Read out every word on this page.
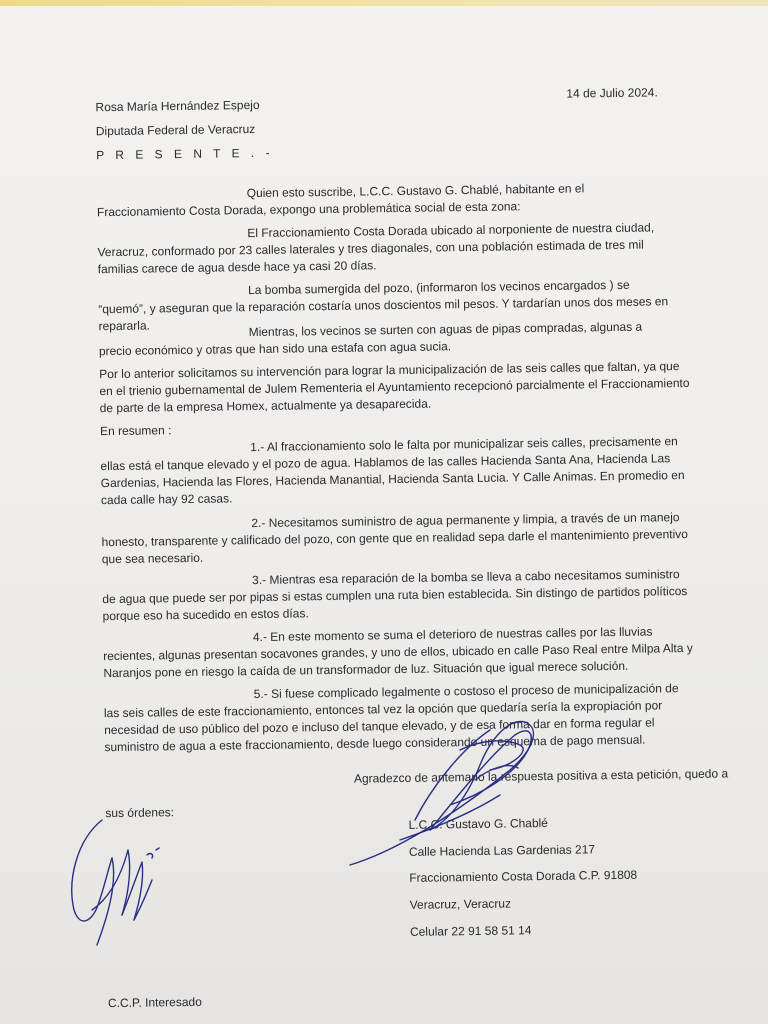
14 de Julio 2024.
Rosa María Hernández Espejo
Diputada Federal de Veracruz
P R E S E N T E . -
Quien esto suscribe, L.C.C. Gustavo G. Chablé, habitante en el Fraccionamiento Costa Dorada, expongo una problemática social de esta zona:
El Fraccionamiento Costa Dorada ubicado al norponiente de nuestra ciudad, Veracruz, conformado por 23 calles laterales y tres diagonales, con una población estimada de tres mil familias carece de agua desde hace ya casi 20 días.
La bomba sumergida del pozo, (informaron los vecinos encargados ) se “quemó”, y aseguran que la reparación costaría unos doscientos mil pesos. Y tardarían unos dos meses en repararla.	Mientras, los vecinos se surten con aguas de pipas compradas, algunas a precio económico y otras que han sido una estafa con agua sucia.
Por lo anterior solicitamos su intervención para lograr la municipalización de las seis calles que faltan, ya que en el trienio gubernamental de Julem Rementeria el Ayuntamiento recepcionó parcialmente el Fraccionamiento de parte de la empresa Homex, actualmente ya desaparecida.
En resumen :
1.- Al fraccionamiento solo le falta por municipalizar seis calles, precisamente en ellas está el tanque elevado y el pozo de agua. Hablamos de las calles Hacienda Santa Ana, Hacienda Las Gardenias, Hacienda las Flores, Hacienda Manantial, Hacienda Santa Lucia. Y Calle Animas. En promedio en cada calle hay 92 casas.
2.- Necesitamos suministro de agua permanente y limpia, a través de un manejo honesto, transparente y calificado del pozo, con gente que en realidad sepa darle el mantenimiento preventivo que sea necesario.
3.- Mientras esa reparación de la bomba se lleva a cabo necesitamos suministro de agua que puede ser por pipas si estas cumplen una ruta bien establecida. Sin distingo de partidos políticos porque eso ha sucedido en estos días.
4.- En este momento se suma el deterioro de nuestras calles por las lluvias recientes, algunas presentan socavones grandes, y uno de ellos, ubicado en calle Paso Real entre Milpa Alta y Naranjos pone en riesgo la caída de un transformador de luz. Situación que igual merece solución.
5.- Si fuese complicado legalmente o costoso el proceso de municipalización de las seis calles de este fraccionamiento, entonces tal vez la opción que quedaría sería la expropiación por necesidad de uso público del pozo e incluso del tanque elevado, y de esa forma dar en forma regular el suministro de agua a este fraccionamiento, desde luego considerando un esquema de pago mensual.
Agradezco de antemano la respuesta positiva a esta petición, quedo a
sus órdenes:
L.C.C. Gustavo G. Chablé
Calle Hacienda Las Gardenias 217
Fraccionamiento Costa Dorada C.P. 91808
Veracruz, Veracruz
Celular 22 91 58 51 14
C.C.P. Interesado
